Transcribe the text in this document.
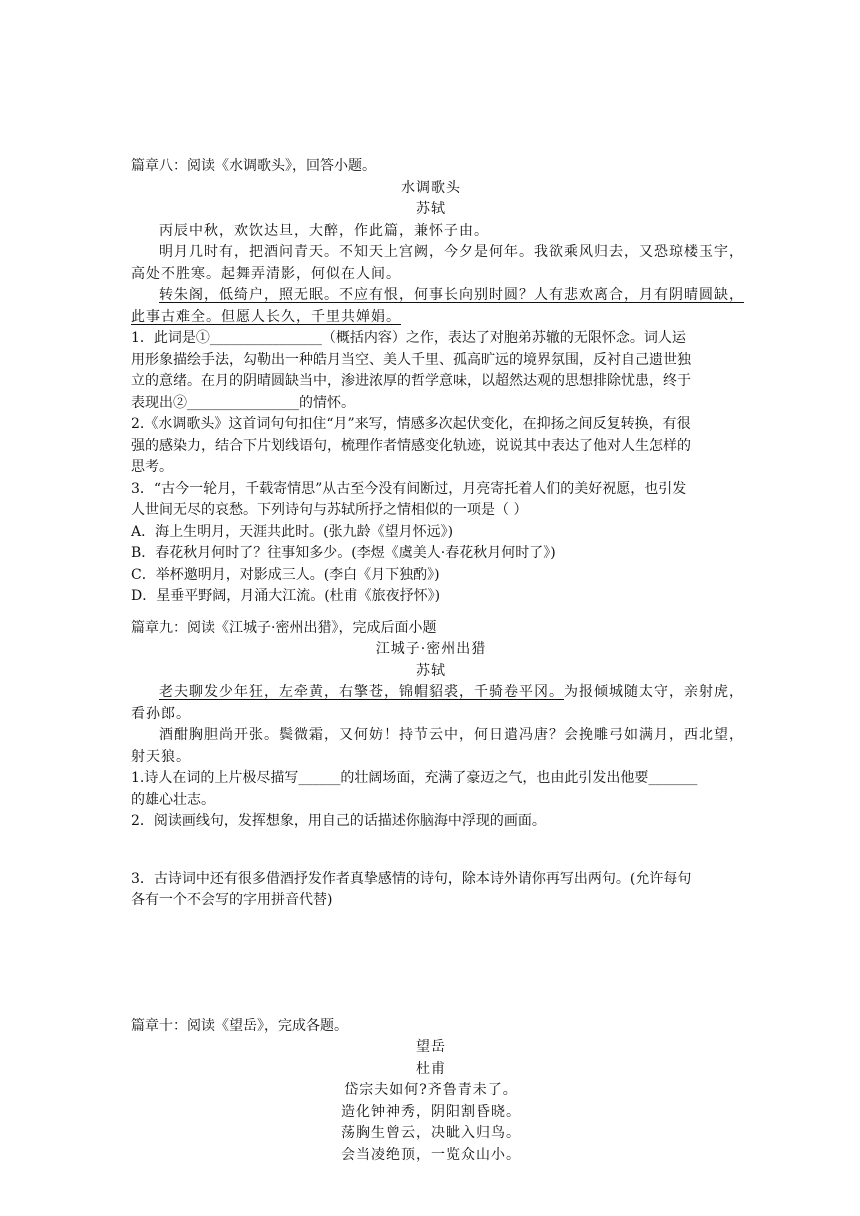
篇章八：阅读《水调歌头》，回答小题。
水调歌头
苏轼
丙辰中秋，欢饮达旦，大醉，作此篇，兼怀子由。
明月几时有，把酒问青天。不知天上宫阙，今夕是何年。我欲乘风归去，又恐琼楼玉宇，
高处不胜寒。起舞弄清影，何似在人间。
转朱阁，低绮户，照无眠。不应有恨，何事长向别时圆？人有悲欢离合，月有阴晴圆缺，
此事古难全。但愿人长久，千里共婵娟。
1．此词是①________________（概括内容）之作，表达了对胞弟苏辙的无限怀念。词人运
用形象描绘手法，勾勒出一种皓月当空、美人千里、孤高旷远的境界氛围，反衬自己遗世独
立的意绪。在月的阴晴圆缺当中，渗进浓厚的哲学意味，以超然达观的思想排除忧患，终于
表现出②________________的情怀。
2.《水调歌头》这首词句句扣住“月”来写，情感多次起伏变化，在抑扬之间反复转换，有很
强的感染力，结合下片划线语句，梳理作者情感变化轨迹，说说其中表达了他对人生怎样的
思考。
3．“古今一轮月，千载寄情思”从古至今没有间断过，月亮寄托着人们的美好祝愿，也引发
人世间无尽的哀愁。下列诗句与苏轼所抒之情相似的一项是（ ）
A．海上生明月，天涯共此时。(张九龄《望月怀远》)
B．春花秋月何时了？往事知多少。(李煜《虞美人·春花秋月何时了》)
C．举杯邀明月，对影成三人。(李白《月下独酌》)
D．星垂平野阔，月涌大江流。(杜甫《旅夜抒怀》)
篇章九：阅读《江城子·密州出猎》，完成后面小题
江城子·密州出猎
苏轼
老夫聊发少年狂，左牵黄，右擎苍，锦帽貂裘，千骑卷平冈。为报倾城随太守，亲射虎，
看孙郎。
酒酣胸胆尚开张。鬓微霜，又何妨！持节云中，何日遣冯唐？会挽雕弓如满月，西北望，
射天狼。
1.诗人在词的上片极尽描写______的壮阔场面，充满了豪迈之气，也由此引发出他要_______
的雄心壮志。
2．阅读画线句，发挥想象，用自己的话描述你脑海中浮现的画面。
3．古诗词中还有很多借酒抒发作者真挚感情的诗句，除本诗外请你再写出两句。(允许每句
各有一个不会写的字用拼音代替)
篇章十：阅读《望岳》，完成各题。
望岳
杜甫
岱宗夫如何?齐鲁青未了。
造化钟神秀，阴阳割昏晓。
荡胸生曾云，决眦入归鸟。
会当凌绝顶，一览众山小。
